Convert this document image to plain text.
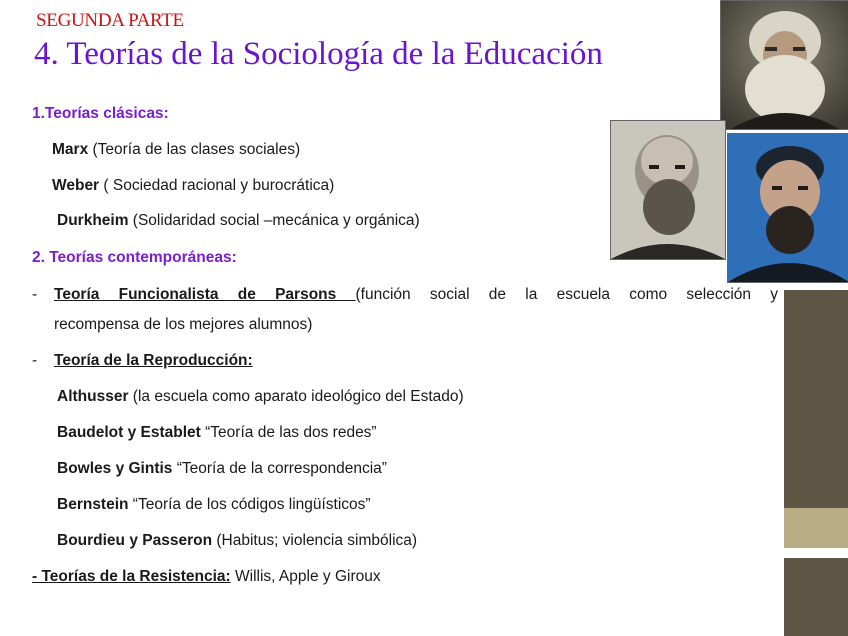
SEGUNDA PARTE
4. Teorías de la Sociología de la Educación
1.Teorías clásicas:
Marx (Teoría de las clases sociales)
Weber ( Sociedad racional y burocrática)
Durkheim (Solidaridad social –mecánica y orgánica)
2. Teorías contemporáneas:
-	Teoría Funcionalista de Parsons (función social de la escuela como selección y
recompensa de los mejores alumnos)
-	Teoría de la Reproducción:
Althusser (la escuela como aparato ideológico del Estado)
Baudelot y Establet “Teoría de las dos redes”
Bowles y Gintis “Teoría de la correspondencia”
Bernstein “Teoría de los códigos lingüísticos”
Bourdieu y Passeron (Habitus; violencia simbólica)
- Teorías de la Resistencia: Willis, Apple y Giroux
